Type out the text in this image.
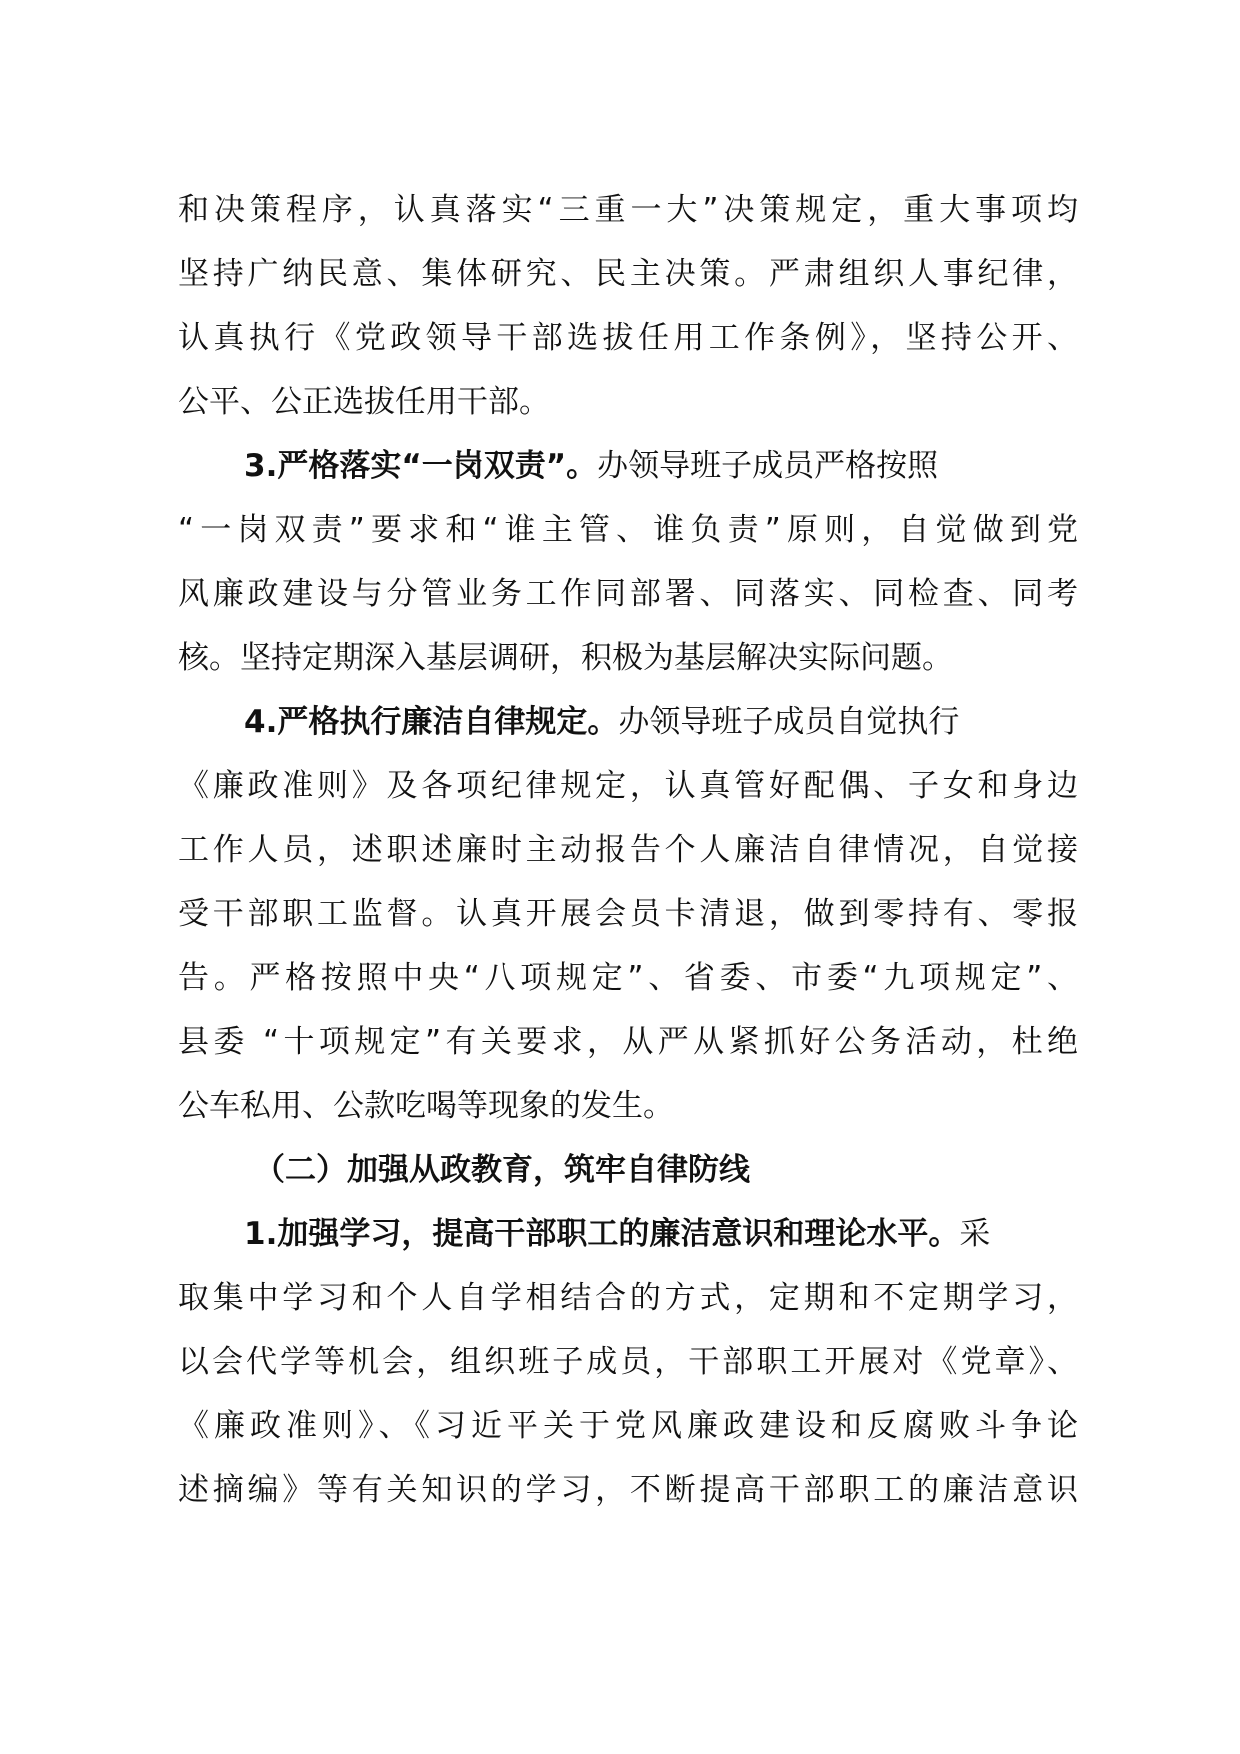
和决策程序，认真落实“三重一大”决策规定，重大事项均
坚持广纳民意、集体研究、民主决策。严肃组织人事纪律，
认真执行《党政领导干部选拔任用工作条例》，坚持公开、
公平、公正选拔任用干部。
3.严格落实“一岗双责”。办领导班子成员严格按照
“一岗双责”要求和“谁主管、谁负责”原则，自觉做到党
风廉政建设与分管业务工作同部署、同落实、同检查、同考
核。坚持定期深入基层调研，积极为基层解决实际问题。
4.严格执行廉洁自律规定。办领导班子成员自觉执行
《廉政准则》及各项纪律规定，认真管好配偶、子女和身边
工作人员，述职述廉时主动报告个人廉洁自律情况，自觉接
受干部职工监督。认真开展会员卡清退，做到零持有、零报
告。严格按照中央“八项规定”、省委、市委“九项规定”、
县委 “十项规定”有关要求，从严从紧抓好公务活动，杜绝
公车私用、公款吃喝等现象的发生。
（二）加强从政教育，筑牢自律防线
1.加强学习，提高干部职工的廉洁意识和理论水平。采
取集中学习和个人自学相结合的方式，定期和不定期学习，
以会代学等机会，组织班子成员，干部职工开展对《党章》、
《廉政准则》、《习近平关于党风廉政建设和反腐败斗争论
述摘编》等有关知识的学习，不断提高干部职工的廉洁意识
